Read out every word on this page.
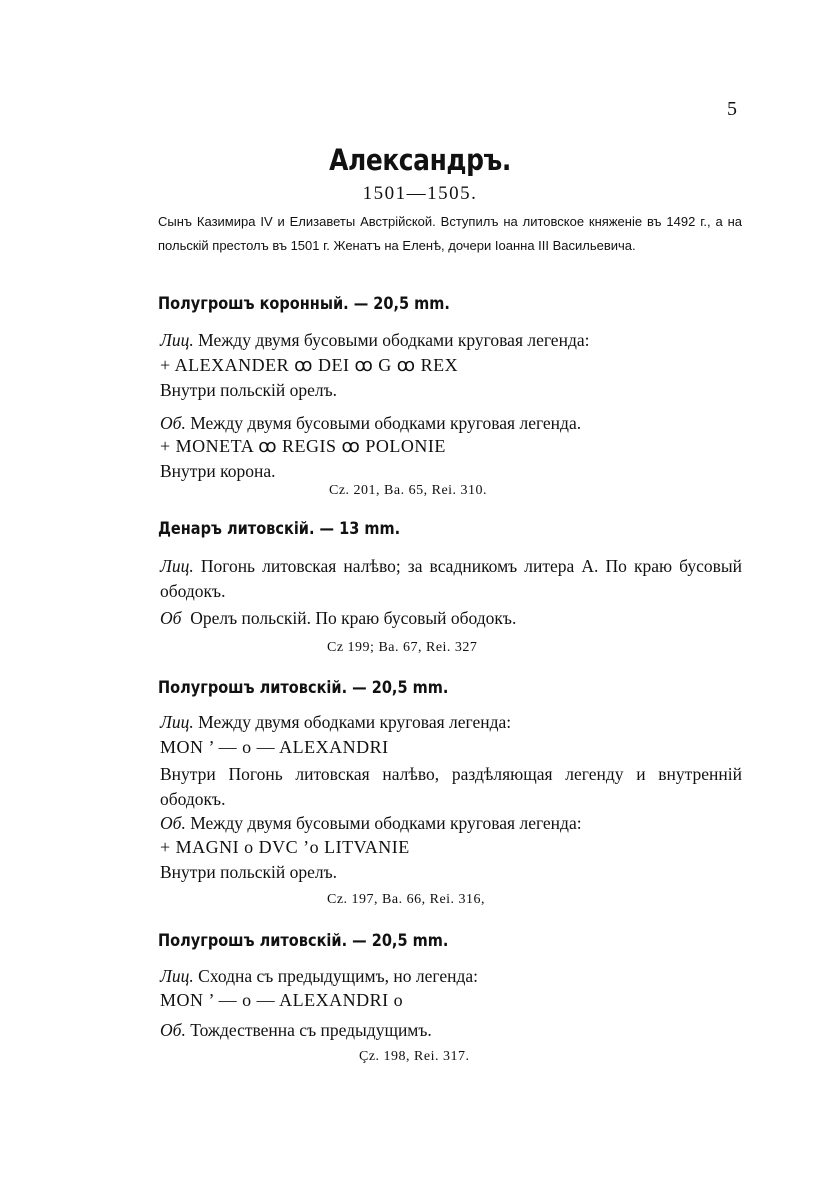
5
Александръ.
1501—1505.
Сынъ Казимира IV и Елизаветы Австрійской. Вступилъ на литовское княженіе въ 1492 г., а на польскій престолъ въ 1501 г. Женатъ на Еленѣ, дочери Іоанна III Васильевича.
Полугрошъ коронный. — 20,5 mm.
Лиц. Между двумя бусовыми ободками круговая легенда:
+ ALEXANDER ꝏ DEI ꝏ G ꝏ REX
Внутри польскій орелъ.
Об. Между двумя бусовыми ободками круговая легенда.
+ MONETA ꝏ REGIS ꝏ POLONIE
Внутри корона.
Cz. 201, Ba. 65, Rei. 310.
Денаръ литовскій. — 13 mm.
Лиц. Погонь литовская налѣво; за всадникомъ литера А. По краю бусовый ободокъ.
Об Орелъ польскій. По краю бусовый ободокъ.
Cz 199; Ba. 67, Rei. 327
Полугрошъ литовскій. — 20,5 mm.
Лиц. Между двумя ободками круговая легенда:
MON ’ — o — ALEXANDRI
Внутри Погонь литовская налѣво, раздѣляющая легенду и внутренній ободокъ.
Об. Между двумя бусовыми ободками круговая легенда:
+ MAGNI o DVC ’o LITVANIE
Внутри польскій орелъ.
Cz. 197, Ba. 66, Rei. 316,
Полугрошъ литовскій. — 20,5 mm.
Лиц. Сходна съ предыдущимъ, но легенда:
MON ’ — o — ALEXANDRI o
Об. Тождественна съ предыдущимъ.
Çz. 198, Rei. 317.
